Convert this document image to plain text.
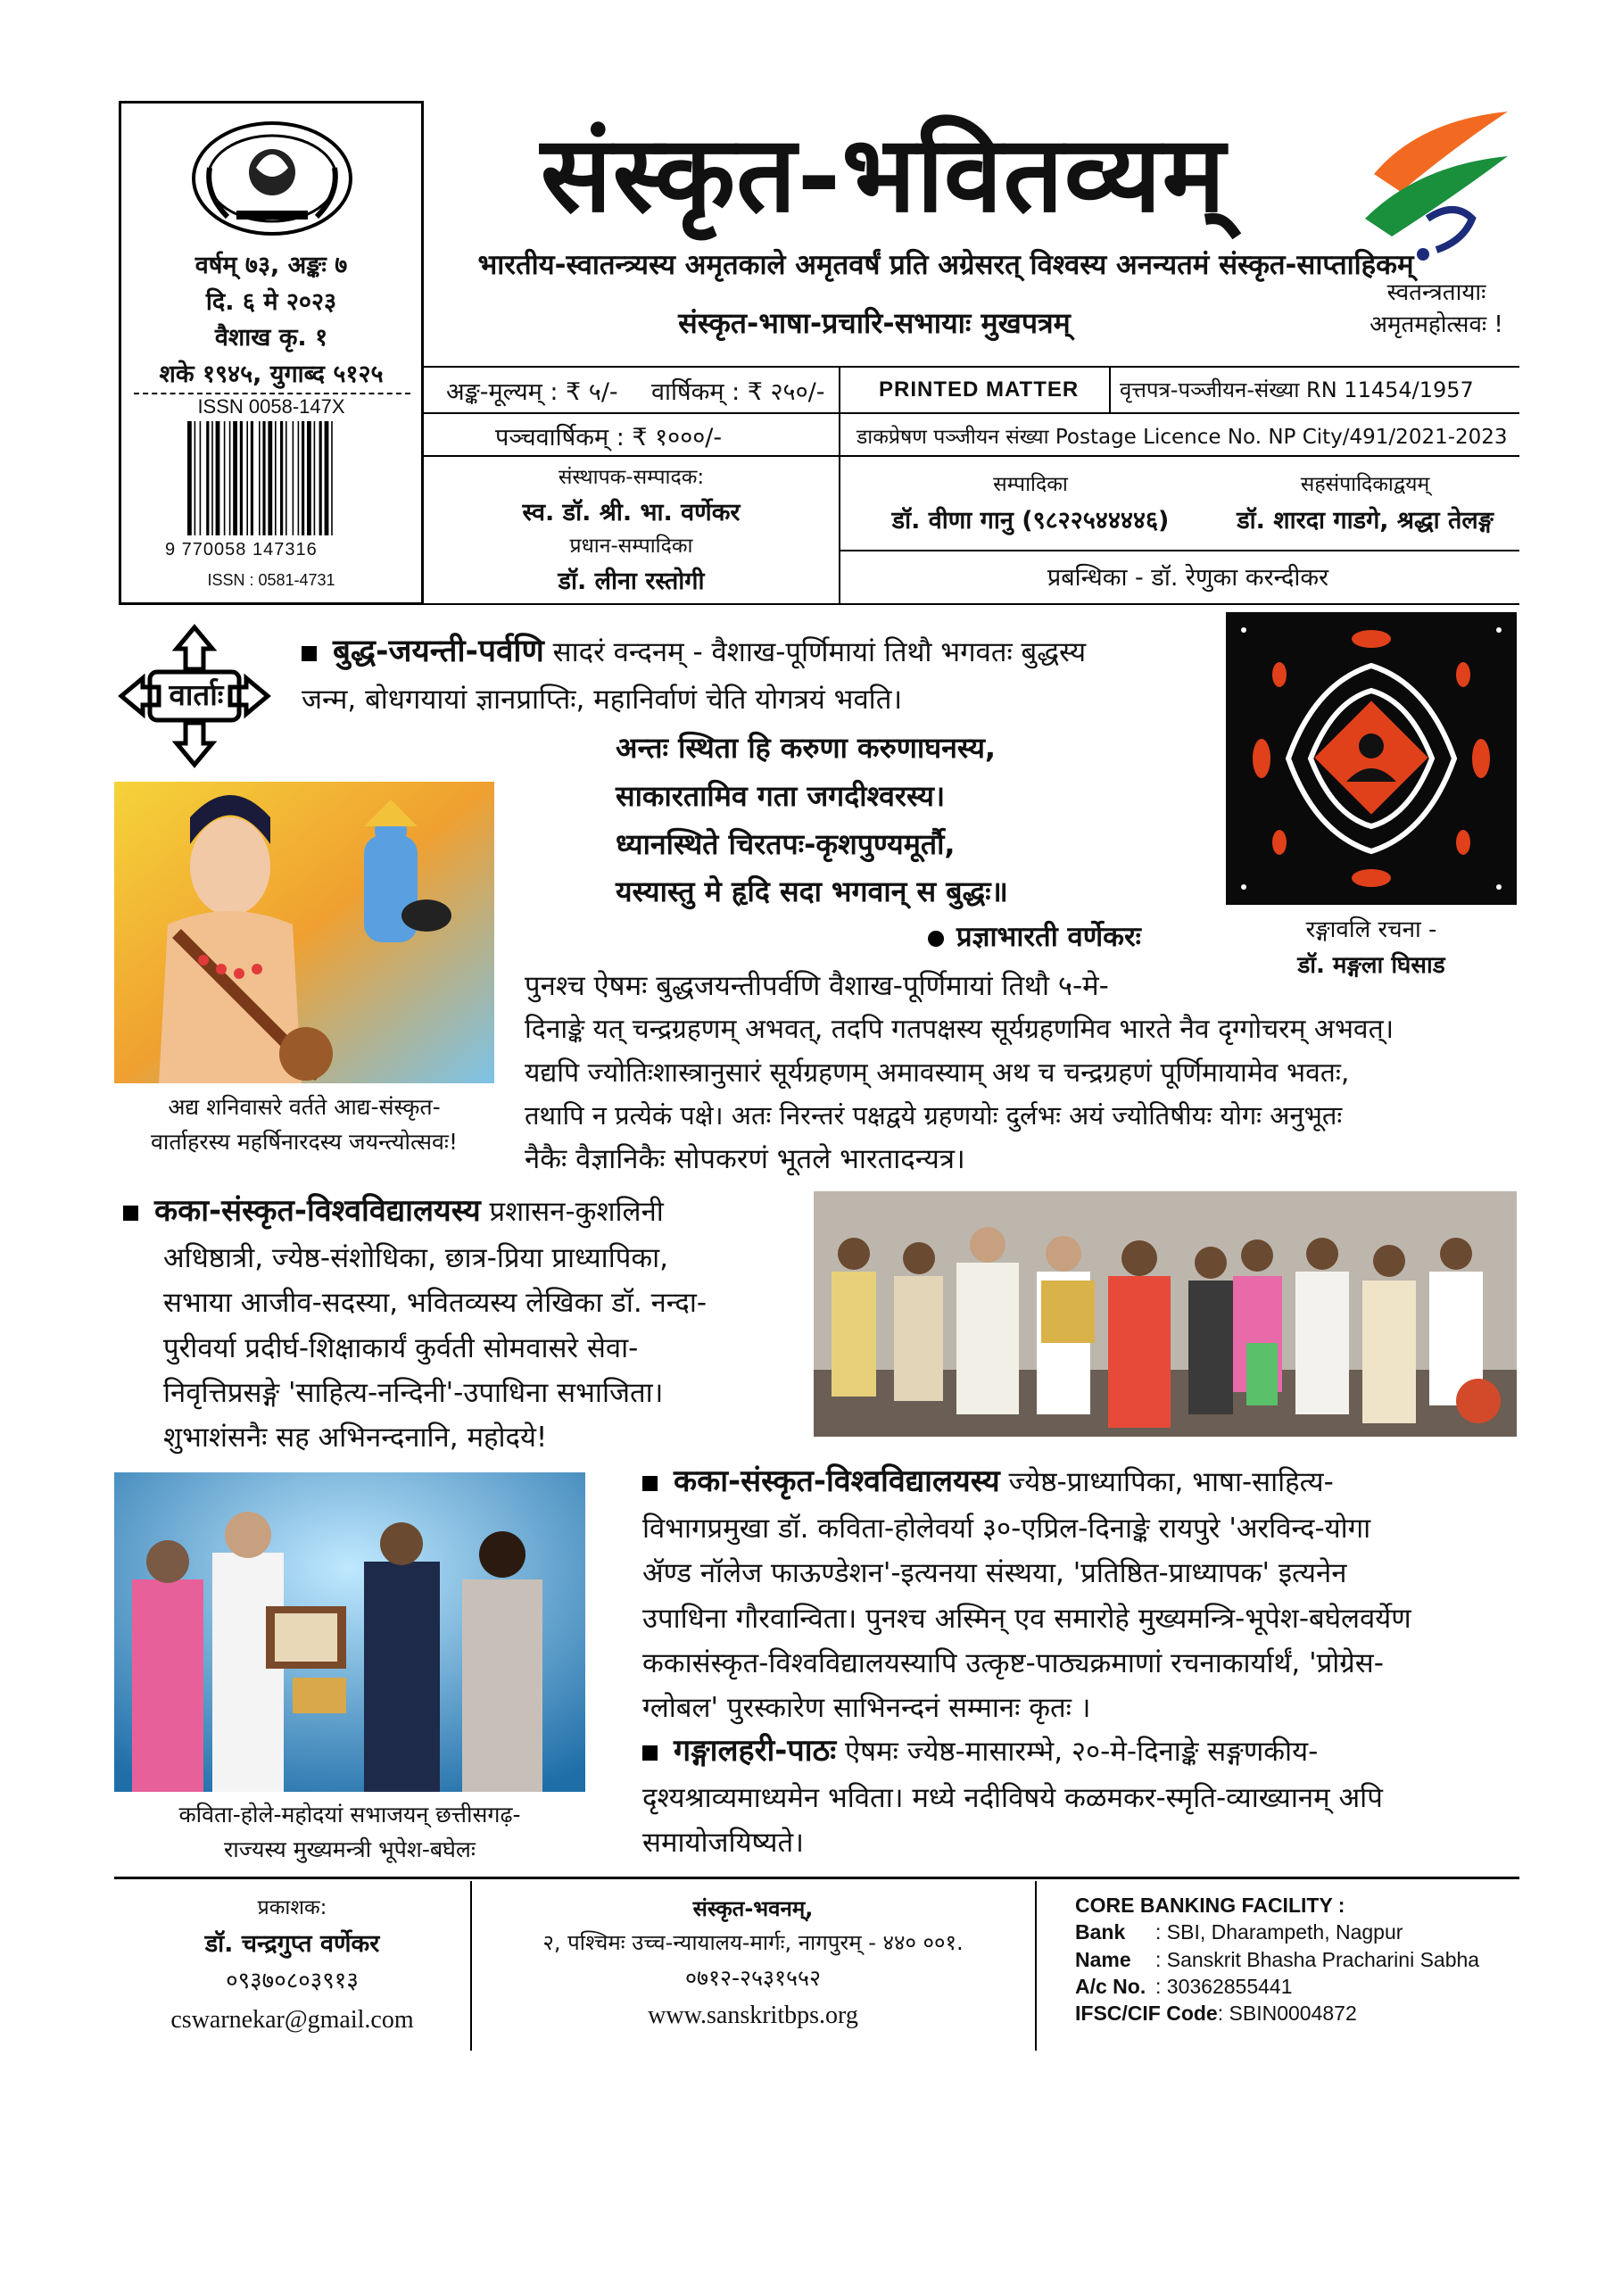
वर्षम् ७३, अङ्कः ७
दि. ६ मे २०२३
वैशाख कृ. १
शके १९४५, युगाब्द ५१२५
ISSN 0058-147X
9 770058 147316
ISSN : 0581-4731
संस्कृत-भवितव्यम्
भारतीय-स्वातन्त्र्यस्य अमृतकाले अमृतवर्षं प्रति अग्रेसरत् विश्वस्य अनन्यतमं संस्कृत-साप्ताहिकम्
संस्कृत-भाषा-प्रचारि-सभायाः मुखपत्रम्
स्वतन्त्रतायाः
अमृतमहोत्सवः !
अङ्क-मूल्यम् : ₹ ५/- वार्षिकम् : ₹ २५०/-
पञ्चवार्षिकम् : ₹ १०००/-
PRINTED MATTER वृत्तपत्र-पञ्जीयन-संख्या RN 11454/1957
डाकप्रेषण पञ्जीयन संख्या Postage Licence No. NP City/491/2021-2023
संस्थापक-सम्पादक:
स्व. डॉ. श्री. भा. वर्णेकर
प्रधान-सम्पादिका
डॉ. लीना रस्तोगी
सम्पादिका
डॉ. वीणा गानु (९८२२५४४४४६)
सहसंपादिकाद्वयम्
डॉ. शारदा गाडगे, श्रद्धा तेलङ्ग
प्रबन्धिका - डॉ. रेणुका करन्दीकर
वार्ताः
बुद्ध-जयन्ती-पर्वणि सादरं वन्दनम् - वैशाख-पूर्णिमायां तिथौ भगवतः बुद्धस्य
जन्म, बोधगयायां ज्ञानप्राप्तिः, महानिर्वाणं चेति योगत्रयं भवति।
अन्तः स्थिता हि करुणा करुणाघनस्य,
साकारतामिव गता जगदीश्वरस्य।
ध्यानस्थिते चिरतपः-कृशपुण्यमूर्तौ,
यस्यास्तु मे हृदि सदा भगवान् स बुद्धः॥
प्रज्ञाभारती वर्णेकरः	रङ्गावलि रचना -
डॉ. मङ्गला घिसाड
अद्य शनिवासरे वर्तते आद्य-संस्कृत-
वार्ताहरस्य महर्षिनारदस्य जयन्त्योत्सवः!
पुनश्च ऐषमः बुद्धजयन्तीपर्वणि वैशाख-पूर्णिमायां तिथौ ५-मे-
दिनाङ्के यत् चन्द्रग्रहणम् अभवत्, तदपि गतपक्षस्य सूर्यग्रहणमिव भारते नैव दृग्गोचरम् अभवत्।
यद्यपि ज्योतिःशास्त्रानुसारं सूर्यग्रहणम् अमावस्याम् अथ च चन्द्रग्रहणं पूर्णिमायामेव भवतः,
तथापि न प्रत्येकं पक्षे। अतः निरन्तरं पक्षद्वये ग्रहणयोः दुर्लभः अयं ज्योतिषीयः योगः अनुभूतः
नैकैः वैज्ञानिकैः सोपकरणं भूतले भारतादन्यत्र।
कका-संस्कृत-विश्वविद्यालयस्य प्रशासन-कुशलिनी
अधिष्ठात्री, ज्येष्ठ-संशोधिका, छात्र-प्रिया प्राध्यापिका,
सभाया आजीव-सदस्या, भवितव्यस्य लेखिका डॉ. नन्दा-
पुरीवर्या प्रदीर्घ-शिक्षाकार्यं कुर्वती सोमवासरे सेवा-
निवृत्तिप्रसङ्गे 'साहित्य-नन्दिनी'-उपाधिना सभाजिता।
शुभाशंसनैः सह अभिनन्दनानि, महोदये!
कविता-होले-महोदयां सभाजयन् छत्तीसगढ़-
राज्यस्य मुख्यमन्त्री भूपेश-बघेलः
कका-संस्कृत-विश्वविद्यालयस्य ज्येष्ठ-प्राध्यापिका, भाषा-साहित्य-
विभागप्रमुखा डॉ. कविता-होलेवर्या ३०-एप्रिल-दिनाङ्के रायपुरे 'अरविन्द-योगा
ॲण्ड नॉलेज फाऊण्डेशन'-इत्यनया संस्थया, 'प्रतिष्ठित-प्राध्यापक' इत्यनेन
उपाधिना गौरवान्विता। पुनश्च अस्मिन् एव समारोहे मुख्यमन्त्रि-भूपेश-बघेलवर्येण
ककासंस्कृत-विश्वविद्यालयस्यापि उत्कृष्ट-पाठ्यक्रमाणां रचनाकार्यार्थं, 'प्रोग्रेस-
ग्लोबल' पुरस्कारेण साभिनन्दनं सम्मानः कृतः ।
गङ्गालहरी-पाठः ऐषमः ज्येष्ठ-मासारम्भे, २०-मे-दिनाङ्के सङ्गणकीय-
दृश्यश्राव्यमाध्यमेन भविता। मध्ये नदीविषये कळमकर-स्मृति-व्याख्यानम् अपि
समायोजयिष्यते।
प्रकाशक:
डॉ. चन्द्रगुप्त वर्णेकर
०९३७०८०३९१३
cswarnekar@gmail.com
संस्कृत-भवनम्,
२, पश्चिमः उच्च-न्यायालय-मार्गः, नागपुरम् - ४४० ००१.
०७१२-२५३१५५२
www.sanskritbps.org
CORE BANKING FACILITY :
Bank : SBI, Dharampeth, Nagpur
Name : Sanskrit Bhasha Pracharini Sabha
A/c No. : 30362855441
IFSC/CIF Code: SBIN0004872
